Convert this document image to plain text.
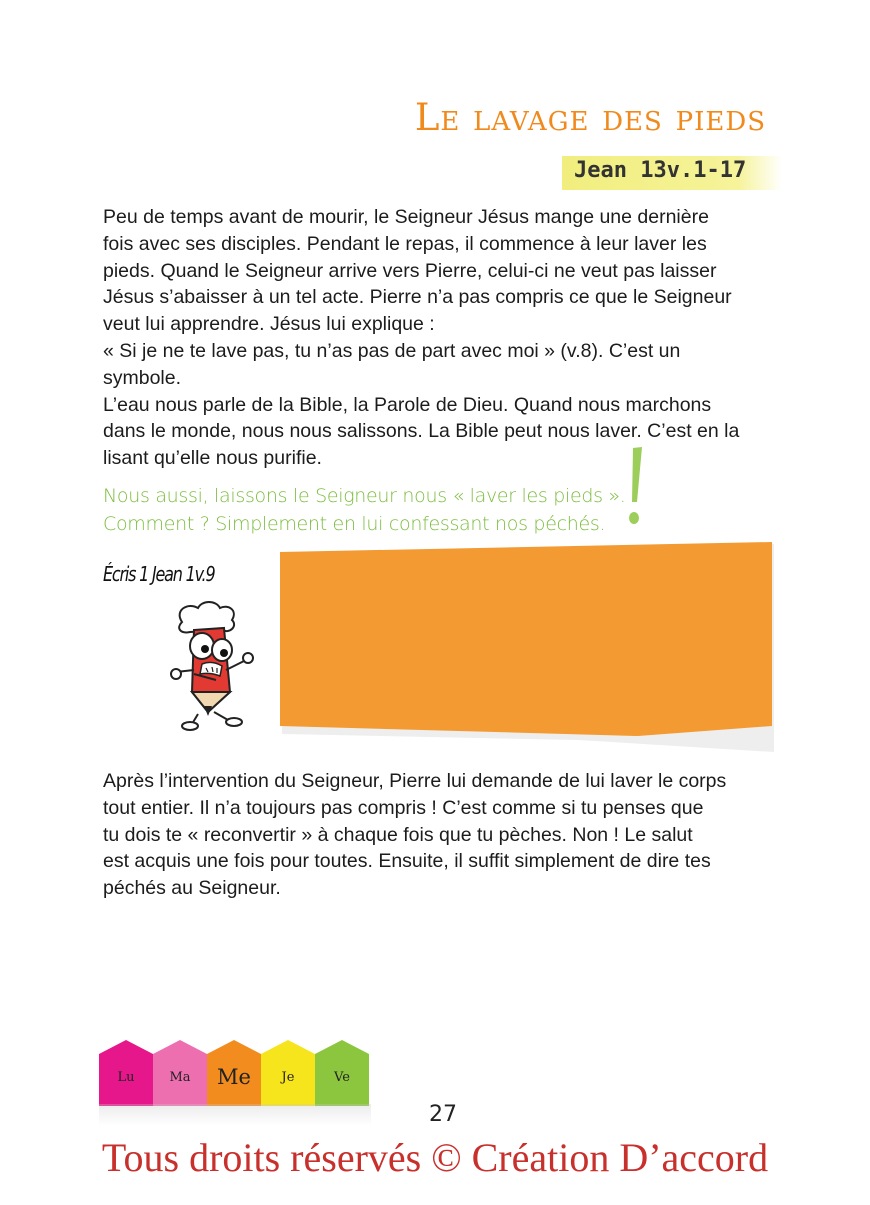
Le lavage des pieds
Jean 13v.1-17

Peu de temps avant de mourir, le Seigneur Jésus mange une dernière

fois avec ses disciples. Pendant le repas, il commence à leur laver les

pieds. Quand le Seigneur arrive vers Pierre, celui-ci ne veut pas laisser

Jésus s’abaisser à un tel acte. Pierre n’a pas compris ce que le Seigneur

veut lui apprendre. Jésus lui explique :

« Si je ne te lave pas, tu n’as pas de part avec moi » (v.8). C’est un

symbole.

L’eau nous parle de la Bible, la Parole de Dieu. Quand nous marchons

dans le monde, nous nous salissons. La Bible peut nous laver. C’est en la

lisant qu’elle nous purifie.

Nous aussi, laissons le Seigneur nous « laver les pieds ».

Comment ? Simplement en lui confessant nos péchés.

Écris 1 Jean 1v.9

Après l’intervention du Seigneur, Pierre lui demande de lui laver le corps

tout entier. Il n’a toujours pas compris ! C’est comme si tu penses que

tu dois te « reconvertir » à chaque fois que tu pèches. Non ! Le salut

est acquis une fois pour toutes. Ensuite, il suffit simplement de dire tes

péchés au Seigneur.

Lu	Ma	Me	Je	Ve
27
Tous droits réservés © Création D’accord
